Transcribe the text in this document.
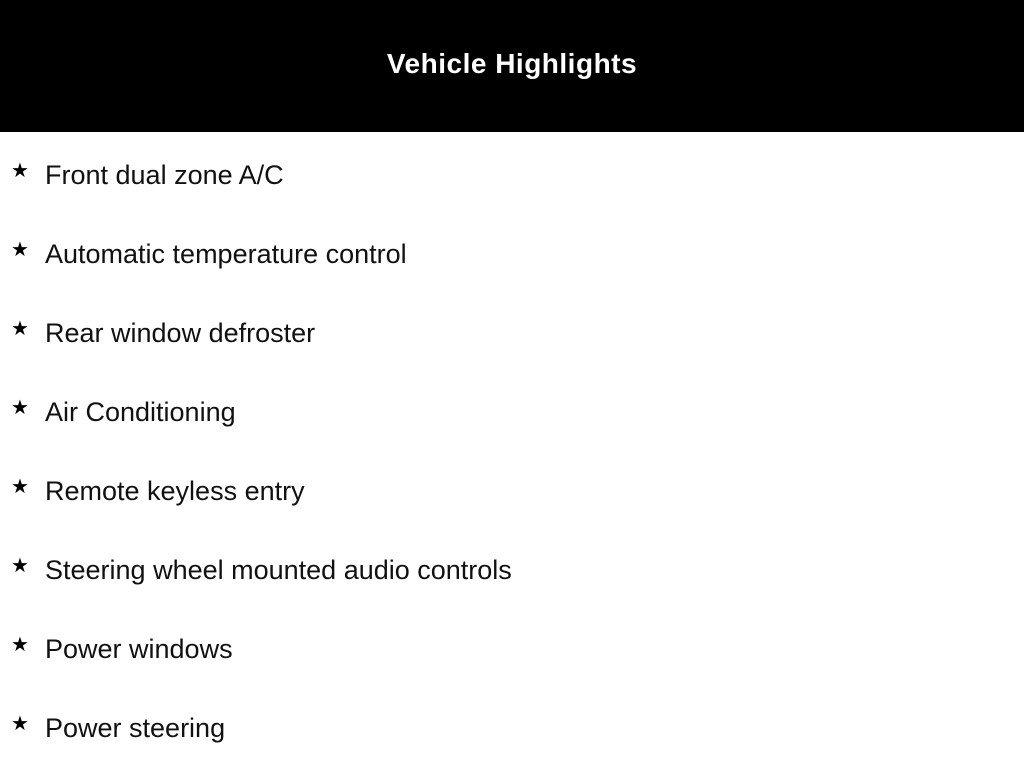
Vehicle Highlights
★ Front dual zone A/C
★ Automatic temperature control
★ Rear window defroster
★ Air Conditioning
★ Remote keyless entry
★ Steering wheel mounted audio controls
★ Power windows
★ Power steering
